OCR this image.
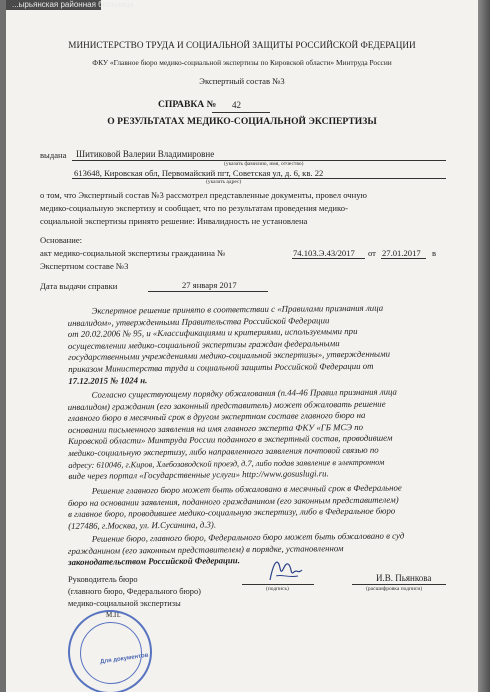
...ырьянская районная больница
МИНИСТЕРСТВО ТРУДА И СОЦИАЛЬНОЙ ЗАЩИТЫ РОССИЙСКОЙ ФЕДЕРАЦИИ
ФКУ «Главное бюро медико-социальной экспертизы по Кировской области» Минтруда России
Экспертный состав №3
СПРАВКА № 42
О РЕЗУЛЬТАТАХ МЕДИКО-СОЦИАЛЬНОЙ ЭКСПЕРТИЗЫ
выдана Шитиковой Валерии Владимировне
(указать фамилию, имя, отчество)
613648, Кировская обл, Первомайский пгт, Советская ул, д. 6, кв. 22
(указать адрес)
о том, что Экспертный состав №3 рассмотрел представленные документы, провел очную
медико-социальную экспертизу и сообщает, что по результатам проведения медико-
социальной экспертизы принято решение: Инвалидность не установлена
Основание:
акт медико-социальной экспертизы гражданина №	74.103.Э.43/2017 от 27.01.2017 в
Экспертном составе №3
Дата выдачи справки	27 января 2017
Экспертное решение принято в соответствии с «Правилами признания лица
инвалидом», утвержденными Правительства Российской Федерации
от 20.02.2006 № 95, и «Классификациями и критериями, используемыми при
осуществлении медико-социальной экспертизы граждан федеральными
государственными учреждениями медико-социальной экспертизы», утвержденными
приказом Министерства труда и социальной защиты Российской Федерации от
17.12.2015 № 1024 н.
Согласно существующему порядку обжалования (п.44-46 Правил признания лица
инвалидом) гражданин (его законный представитель) может обжаловать решение
главного бюро в месячный срок в другом экспертном составе главного бюро на
основании письменного заявления на имя главного эксперта ФКУ «ГБ МСЭ по
Кировской области» Минтруда России поданного в экспертный состав, проводившем
медико-социальную экспертизу, либо направленного заявления почтовой связью по
адресу: 610046, г.Киров, Хлебозаводской проезд, д.7, либо подав заявление в электронном
виде через портал «Государственные услуги» http://www.gosuslugi.ru.
Решение главного бюро может быть обжаловано в месячный срок в Федеральное
бюро на основании заявления, поданного гражданином (его законным представителем)
в главное бюро, проводившее медико-социальную экспертизу, либо в Федеральное бюро
(127486, г.Москва, ул. И.Сусанина, д.3).
Решение бюро, главного бюро, Федерального бюро может быть обжаловано в суд
гражданином (его законным представителем) в порядке, установленном
законодательством Российской Федерации.
Руководитель бюро
(главного бюро, Федерального бюро)
медико-социальной экспертизы
(подпись)
И.В. Пьянкова
(расшифровка подписи)
М.П.
Для документов
